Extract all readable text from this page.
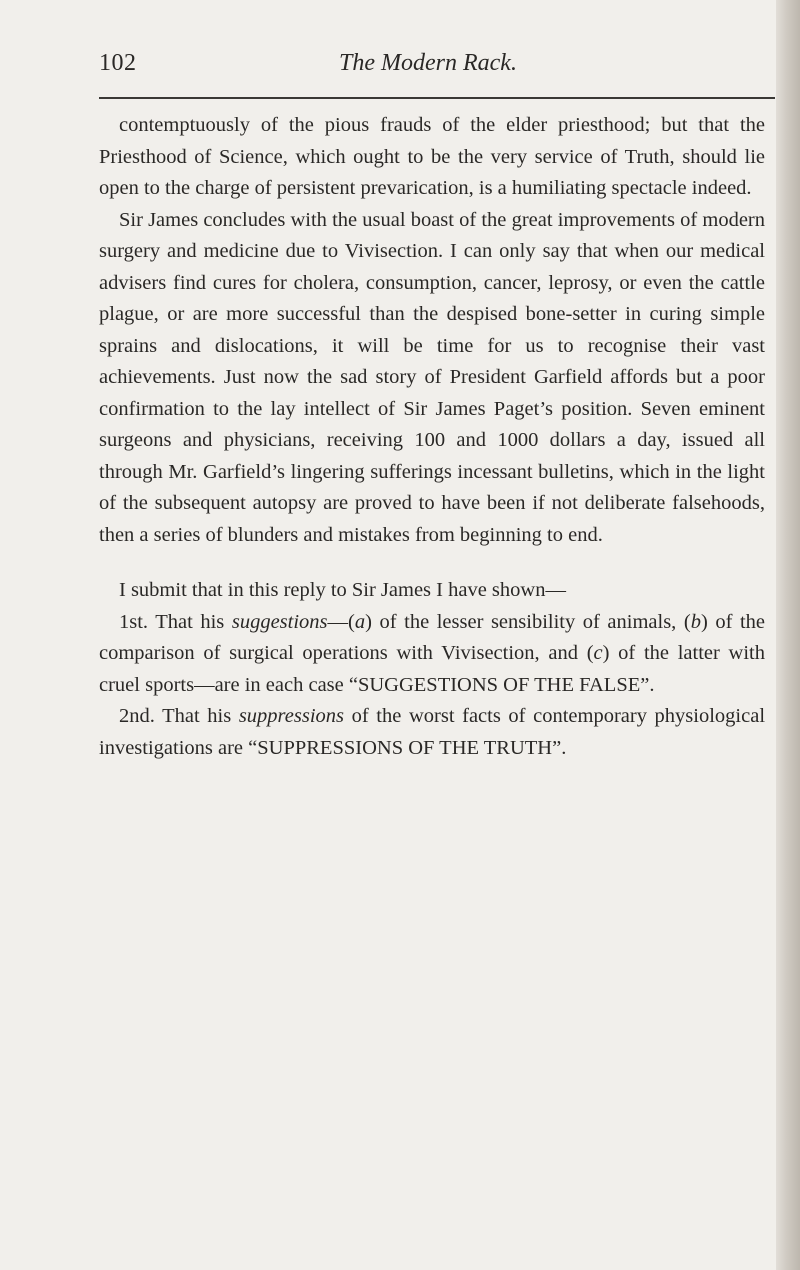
102	The Modern Rack.

contemptuously of the pious frauds of the elder priesthood; but that the Priesthood of Science, which ought to be the very service of Truth, should lie open to the charge of persistent prevarication, is a humiliating spectacle indeed.

Sir James concludes with the usual boast of the great improvements of modern surgery and medicine due to Vivisection. I can only say that when our medical advisers find cures for cholera, consumption, cancer, leprosy, or even the cattle plague, or are more successful than the despised bone-setter in curing simple sprains and dislocations, it will be time for us to recognise their vast achievements. Just now the sad story of President Garfield affords but a poor confirmation to the lay intellect of Sir James Paget’s position. Seven eminent surgeons and physicians, receiving 100 and 1000 dollars a day, issued all through Mr. Garfield’s lingering sufferings incessant bulletins, which in the light of the subsequent autopsy are proved to have been if not deliberate falsehoods, then a series of blunders and mistakes from beginning to end.

I submit that in this reply to Sir James I have shown—

1st. That his suggestions—(a) of the lesser sensibility of animals, (b) of the comparison of surgical operations with Vivisection, and (c) of the latter with cruel sports—are in each case “SUGGESTIONS OF THE FALSE”.

2nd. That his suppressions of the worst facts of contemporary physiological investigations are “SUPPRESSIONS OF THE TRUTH”.
